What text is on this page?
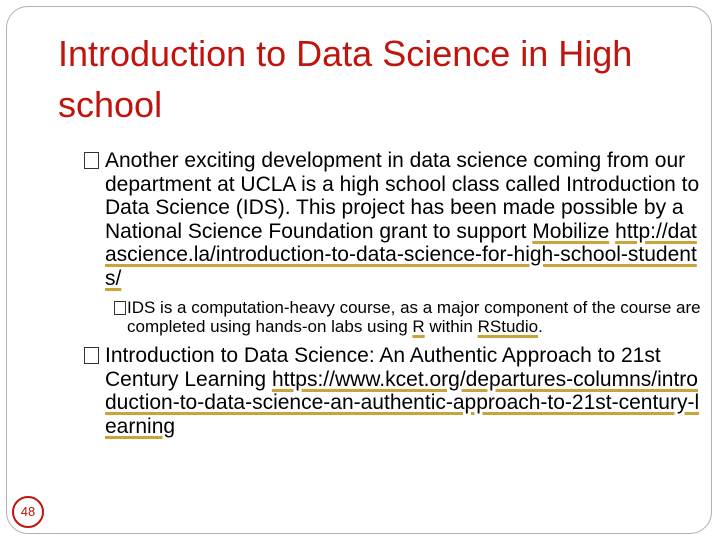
Introduction to Data Science in High school
Another exciting development in data science coming from our department at UCLA is a high school class called Introduction to Data Science (IDS). This project has been made possible by a National Science Foundation grant to support Mobilize http://datascience.la/introduction-to-data-science-for-high-school-students/
IDS is a computation-heavy course, as a major component of the course are completed using hands-on labs using R within RStudio.
Introduction to Data Science: An Authentic Approach to 21st Century Learning https://www.kcet.org/departures-columns/introduction-to-data-science-an-authentic-approach-to-21st-century-learning
48
